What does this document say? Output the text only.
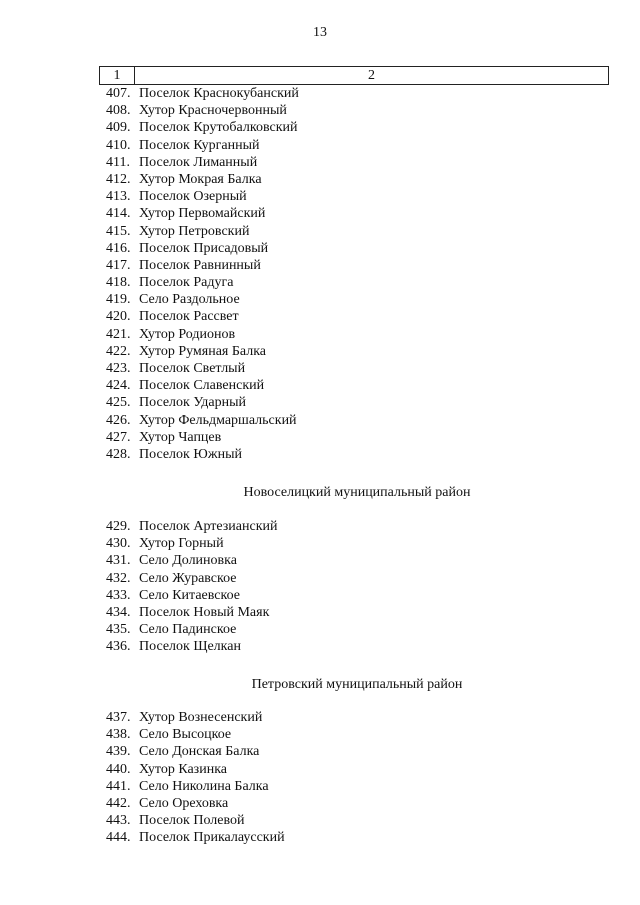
13
1	2
407. Поселок Краснокубанский
408. Хутор Красночервонный
409. Поселок Крутобалковский
410. Поселок Курганный
411. Поселок Лиманный
412. Хутор Мокрая Балка
413. Поселок Озерный
414. Хутор Первомайский
415. Хутор Петровский
416. Поселок Присадовый
417. Поселок Равнинный
418. Поселок Радуга
419. Село Раздольное
420. Поселок Рассвет
421. Хутор Родионов
422. Хутор Румяная Балка
423. Поселок Светлый
424. Поселок Славенский
425. Поселок Ударный
426. Хутор Фельдмаршальский
427. Хутор Чапцев
428. Поселок Южный
Новоселицкий муниципальный район
429. Поселок Артезианский
430. Хутор Горный
431. Село Долиновка
432. Село Журавское
433. Село Китаевское
434. Поселок Новый Маяк
435. Село Падинское
436. Поселок Щелкан
Петровский муниципальный район
437. Хутор Вознесенский
438. Село Высоцкое
439. Село Донская Балка
440. Хутор Казинка
441. Село Николина Балка
442. Село Ореховка
443. Поселок Полевой
444. Поселок Прикалаусский
